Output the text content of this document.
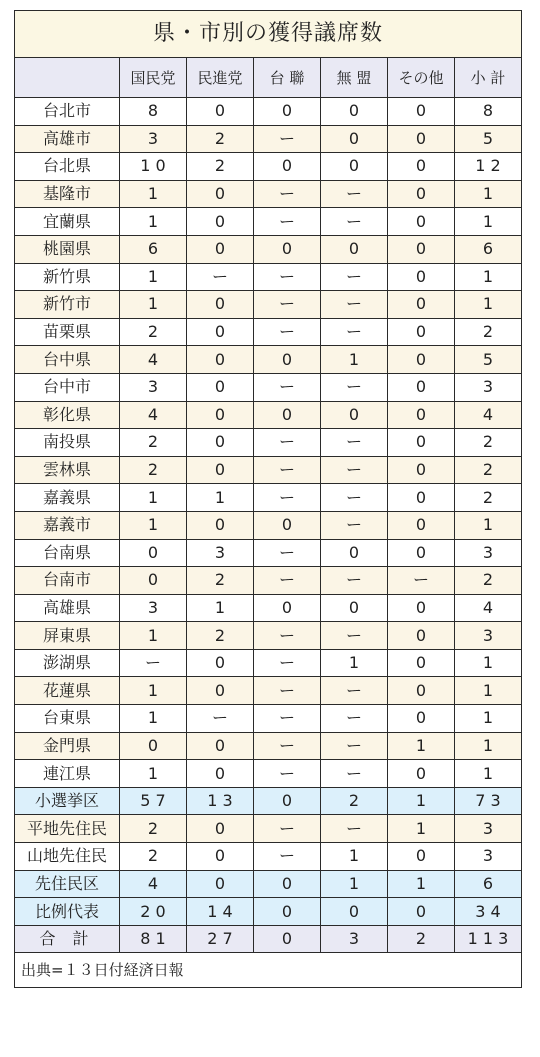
県・市別の獲得議席数						
	国民党	民進党	台 聯	無 盟	その他	小 計
台北市	8	0	0	0	0	8
高雄市	3	2	ー	0	0	5
台北県	1 0	2	0	0	0	1 2
基隆市	1	0	ー	ー	0	1
宜蘭県	1	0	ー	ー	0	1
桃園県	6	0	0	0	0	6
新竹県	1	ー	ー	ー	0	1
新竹市	1	0	ー	ー	0	1
苗栗県	2	0	ー	ー	0	2
台中県	4	0	0	1	0	5
台中市	3	0	ー	ー	0	3
彰化県	4	0	0	0	0	4
南投県	2	0	ー	ー	0	2
雲林県	2	0	ー	ー	0	2
嘉義県	1	1	ー	ー	0	2
嘉義市	1	0	0	ー	0	1
台南県	0	3	ー	0	0	3
台南市	0	2	ー	ー	ー	2
高雄県	3	1	0	0	0	4
屏東県	1	2	ー	ー	0	3
澎湖県	ー	0	ー	1	0	1
花蓮県	1	0	ー	ー	0	1
台東県	1	ー	ー	ー	0	1
金門県	0	0	ー	ー	1	1
連江県	1	0	ー	ー	0	1
小選挙区	5 7	1 3	0	2	1	7 3
平地先住民	2	0	ー	ー	1	3
山地先住民	2	0	ー	1	0	3
先住民区	4	0	0	1	1	6
比例代表	2 0	1 4	0	0	0	3 4
合 計	8 1	2 7	0	3	2	1 1 3
出典=１３日付経済日報						
